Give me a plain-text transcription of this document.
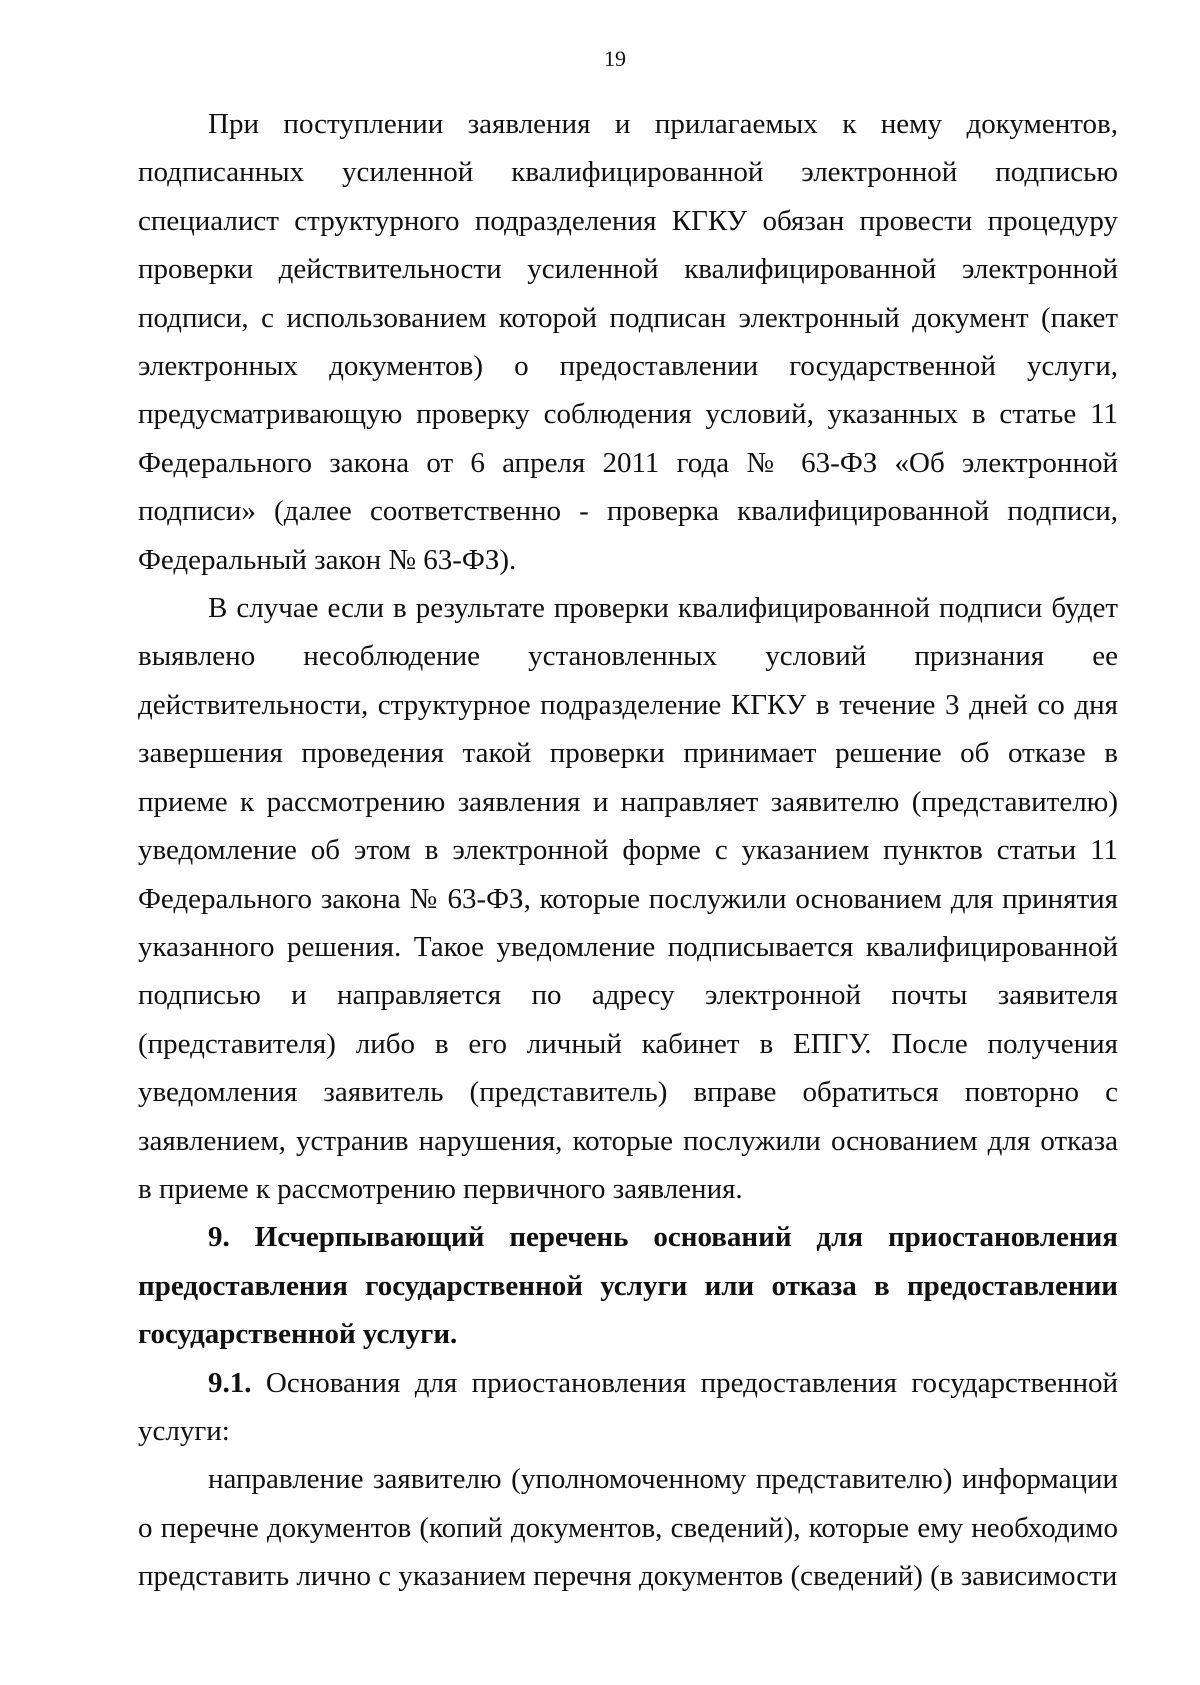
19

При поступлении заявления и прилагаемых к нему документов, подписанных усиленной квалифицированной электронной подписью специалист структурного подразделения КГКУ обязан провести процедуру проверки действительности усиленной квалифицированной электронной подписи, с использованием которой подписан электронный документ (пакет электронных документов) о предоставлении государственной услуги, предусматривающую проверку соблюдения условий, указанных в статье 11 Федерального закона от 6 апреля 2011 года № 63-ФЗ «Об электронной подписи» (далее соответственно - проверка квалифицированной подписи, Федеральный закон № 63-ФЗ).

В случае если в результате проверки квалифицированной подписи будет выявлено несоблюдение установленных условий признания ее действительности, структурное подразделение КГКУ в течение 3 дней со дня завершения проведения такой проверки принимает решение об отказе в приеме к рассмотрению заявления и направляет заявителю (представителю) уведомление об этом в электронной форме с указанием пунктов статьи 11 Федерального закона № 63-ФЗ, которые послужили основанием для принятия указанного решения. Такое уведомление подписывается квалифицированной подписью и направляется по адресу электронной почты заявителя (представителя) либо в его личный кабинет в ЕПГУ. После получения уведомления заявитель (представитель) вправе обратиться повторно с заявлением, устранив нарушения, которые послужили основанием для отказа в приеме к рассмотрению первичного заявления.

9. Исчерпывающий перечень оснований для приостановления предоставления государственной услуги или отказа в предоставлении государственной услуги.

9.1. Основания для приостановления предоставления государственной услуги:

направление заявителю (уполномоченному представителю) информации о перечне документов (копий документов, сведений), которые ему необходимо представить лично с указанием перечня документов (сведений) (в зависимости
